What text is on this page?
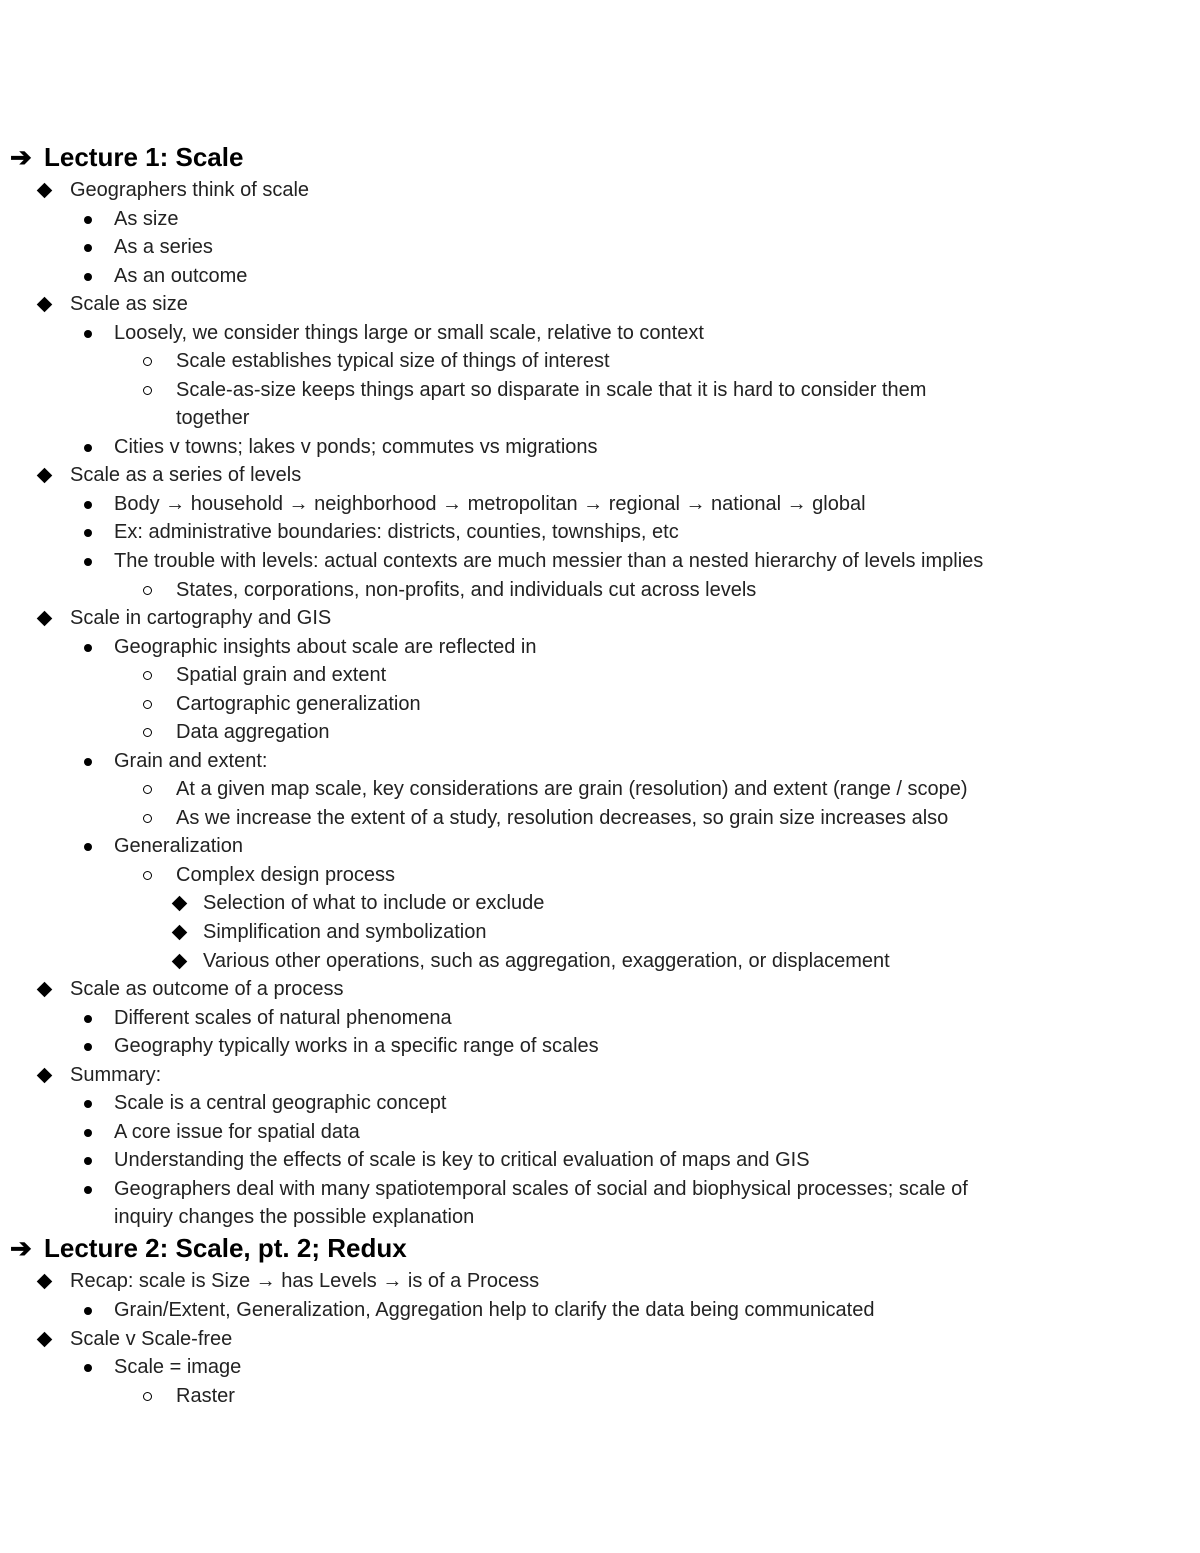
➔ Lecture 1: Scale
Geographers think of scale
As size
As a series
As an outcome
Scale as size
Loosely, we consider things large or small scale, relative to context
Scale establishes typical size of things of interest
Scale-as-size keeps things apart so disparate in scale that it is hard to consider them
together
Cities v towns; lakes v ponds; commutes vs migrations
Scale as a series of levels
Body → household → neighborhood → metropolitan → regional → national → global
Ex: administrative boundaries: districts, counties, townships, etc
The trouble with levels: actual contexts are much messier than a nested hierarchy of levels implies
States, corporations, non-profits, and individuals cut across levels
Scale in cartography and GIS
Geographic insights about scale are reflected in
Spatial grain and extent
Cartographic generalization
Data aggregation
Grain and extent:
At a given map scale, key considerations are grain (resolution) and extent (range / scope)
As we increase the extent of a study, resolution decreases, so grain size increases also
Generalization
Complex design process
Selection of what to include or exclude
Simplification and symbolization
Various other operations, such as aggregation, exaggeration, or displacement
Scale as outcome of a process
Different scales of natural phenomena
Geography typically works in a specific range of scales
Summary:
Scale is a central geographic concept
A core issue for spatial data
Understanding the effects of scale is key to critical evaluation of maps and GIS
Geographers deal with many spatiotemporal scales of social and biophysical processes; scale of
inquiry changes the possible explanation
➔ Lecture 2: Scale, pt. 2; Redux
Recap: scale is Size → has Levels → is of a Process
Grain/Extent, Generalization, Aggregation help to clarify the data being communicated
Scale v Scale-free
Scale = image
Raster
